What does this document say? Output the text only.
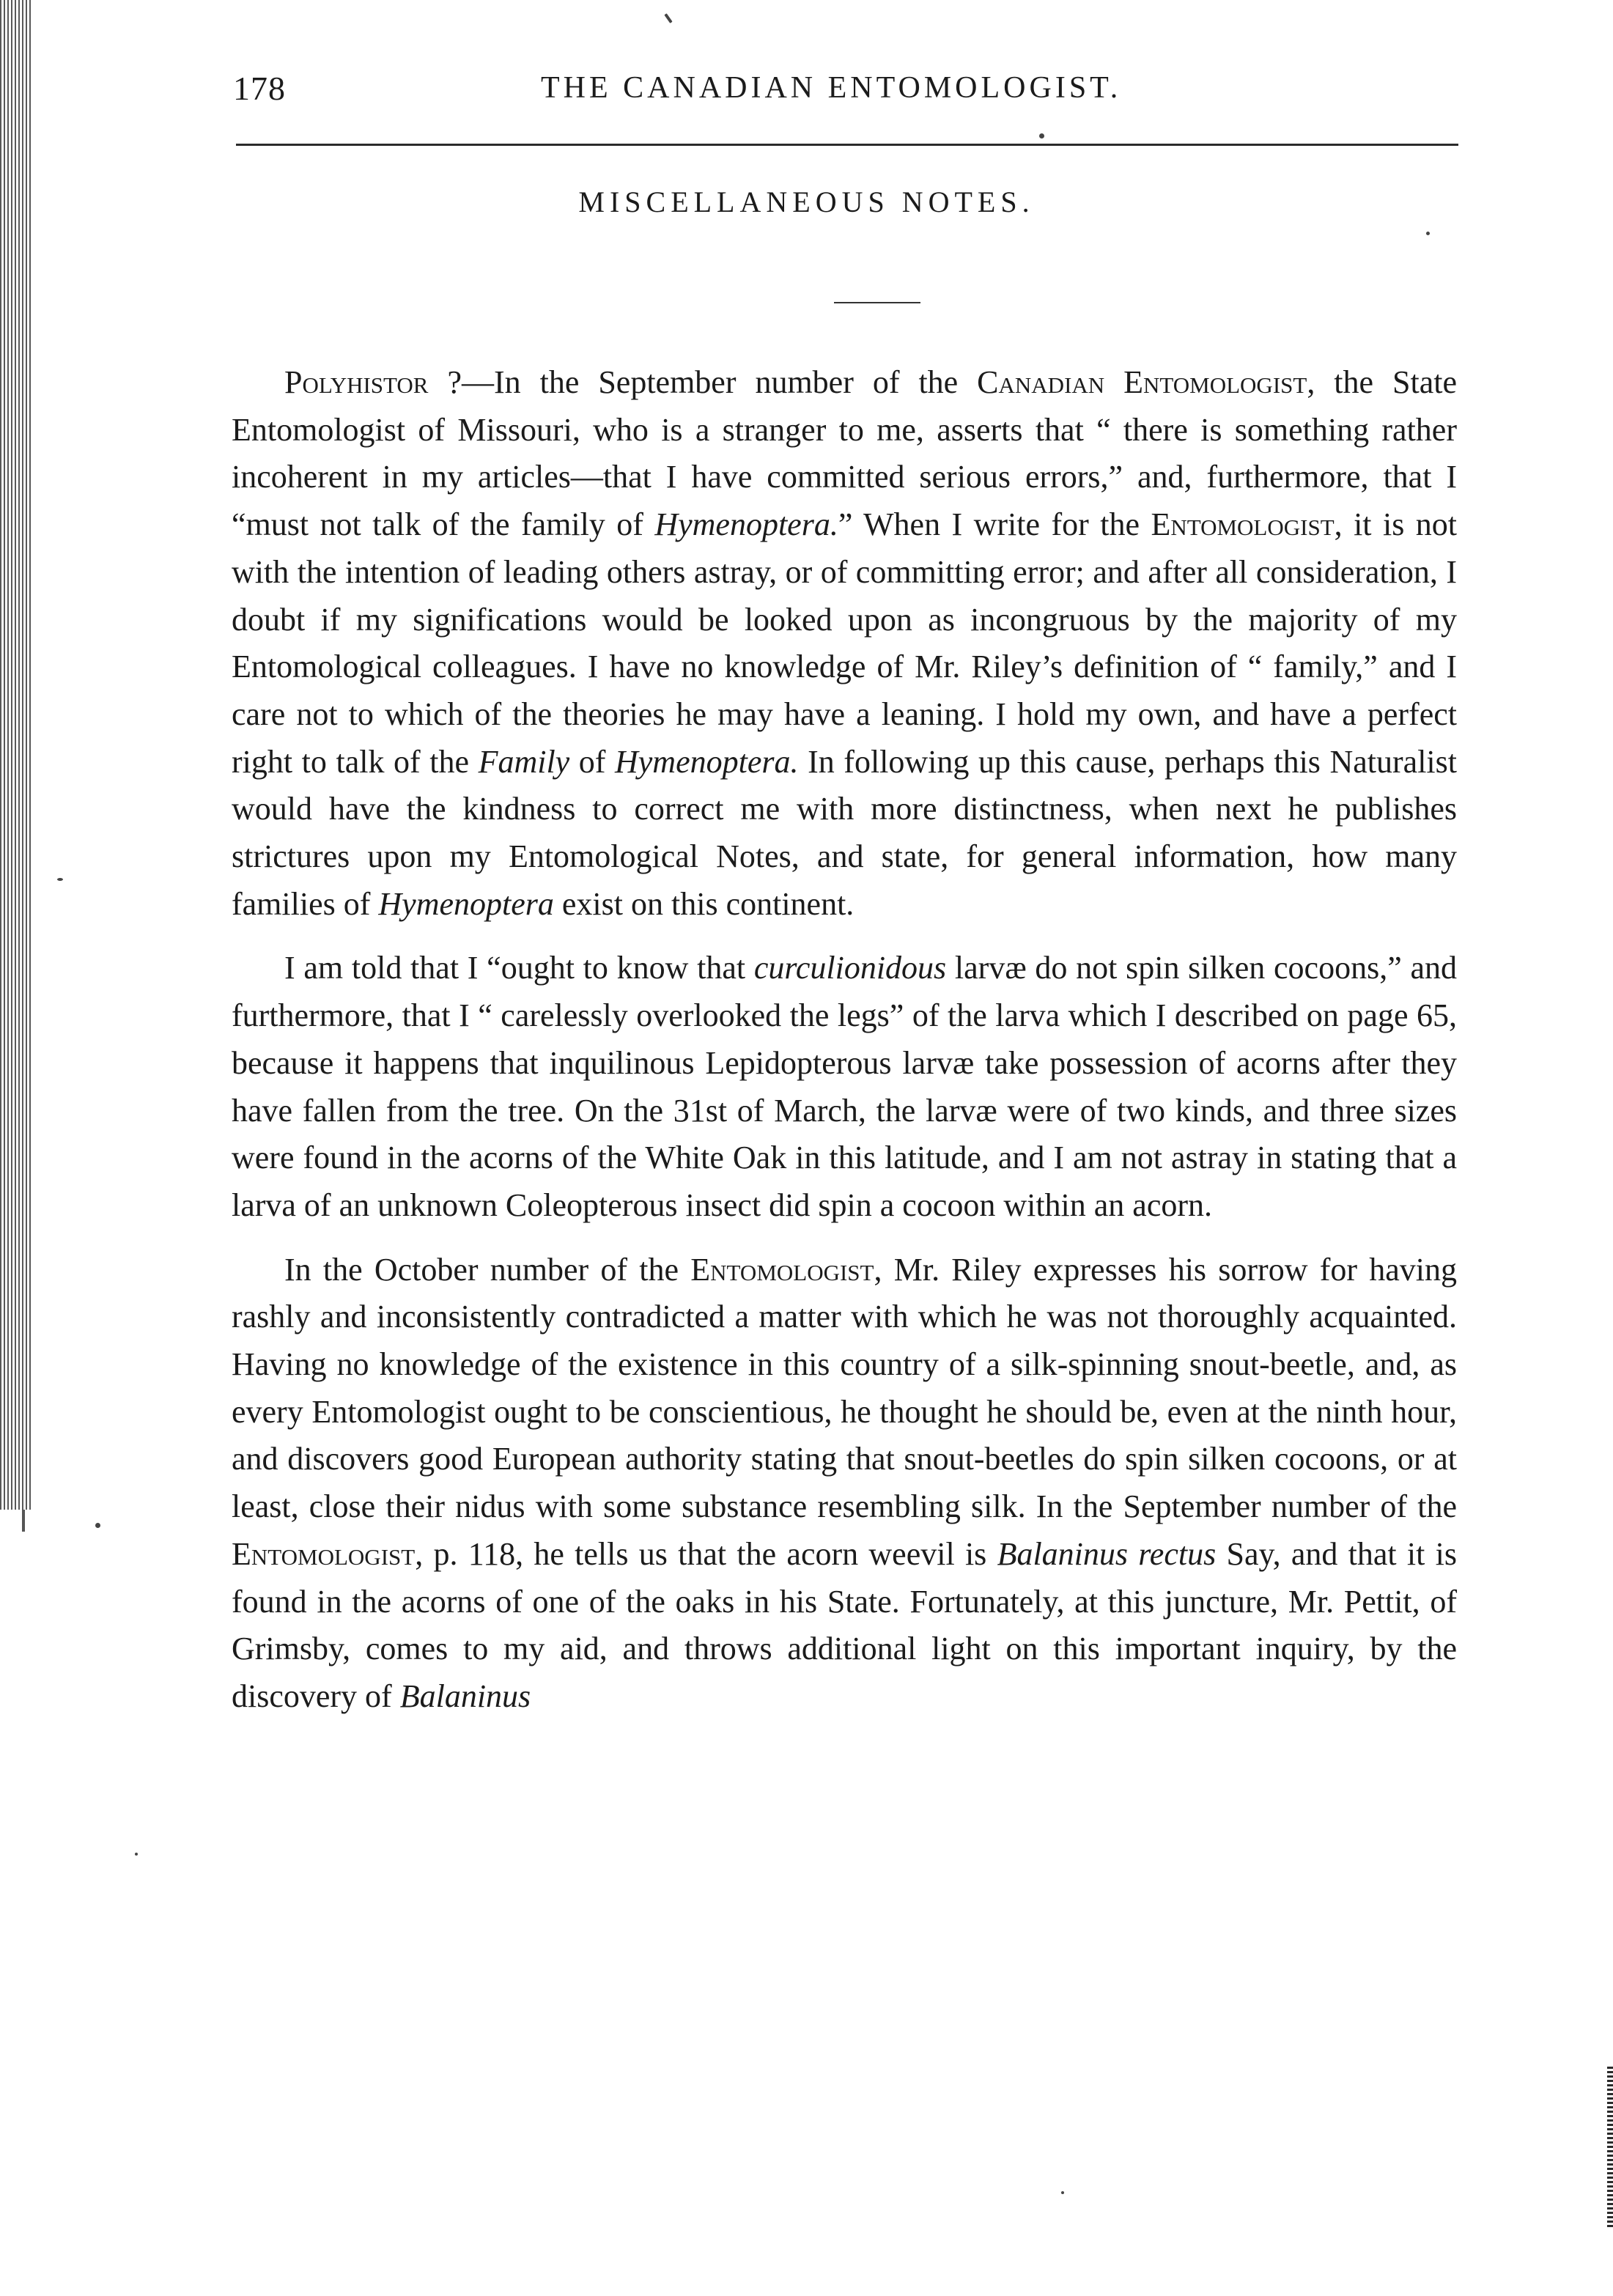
178	THE CANADIAN ENTOMOLOGIST.
MISCELLANEOUS NOTES.

Polyhistor ?—In the September number of the Canadian Entomologist, the State Entomologist of Missouri, who is a stranger to me, asserts that “ there is something rather incoherent in my articles—that I have committed serious errors,” and, furthermore, that I “must not talk of the family of Hymenoptera.” When I write for the Entomologist, it is not with the intention of leading others astray, or of committing error; and after all consideration, I doubt if my significations would be looked upon as incongruous by the majority of my Entomological colleagues. I have no knowledge of Mr. Riley’s definition of “ family,” and I care not to which of the theories he may have a leaning. I hold my own, and have a perfect right to talk of the Family of Hymenoptera. In following up this cause, perhaps this Naturalist would have the kindness to correct me with more distinctness, when next he publishes strictures upon my Entomological Notes, and state, for general information, how many families of Hymenoptera exist on this continent.

I am told that I “ought to know that curculionidous larvæ do not spin silken cocoons,” and furthermore, that I “ carelessly overlooked the legs” of the larva which I described on page 65, because it happens that inquilinous Lepidopterous larvæ take possession of acorns after they have fallen from the tree. On the 31st of March, the larvæ were of two kinds, and three sizes were found in the acorns of the White Oak in this latitude, and I am not astray in stating that a larva of an unknown Coleopterous insect did spin a cocoon within an acorn.

In the October number of the Entomologist, Mr. Riley expresses his sorrow for having rashly and inconsistently contradicted a matter with which he was not thoroughly acquainted. Having no knowledge of the existence in this country of a silk-spinning snout-beetle, and, as every Entomologist ought to be conscientious, he thought he should be, even at the ninth hour, and discovers good European authority stating that snout-beetles do spin silken cocoons, or at least, close their nidus with some substance resembling silk. In the September number of the Entomologist, p. 118, he tells us that the acorn weevil is Balaninus rectus Say, and that it is found in the acorns of one of the oaks in his State. Fortunately, at this juncture, Mr. Pettit, of Grimsby, comes to my aid, and throws additional light on this important inquiry, by the discovery of Balaninus
